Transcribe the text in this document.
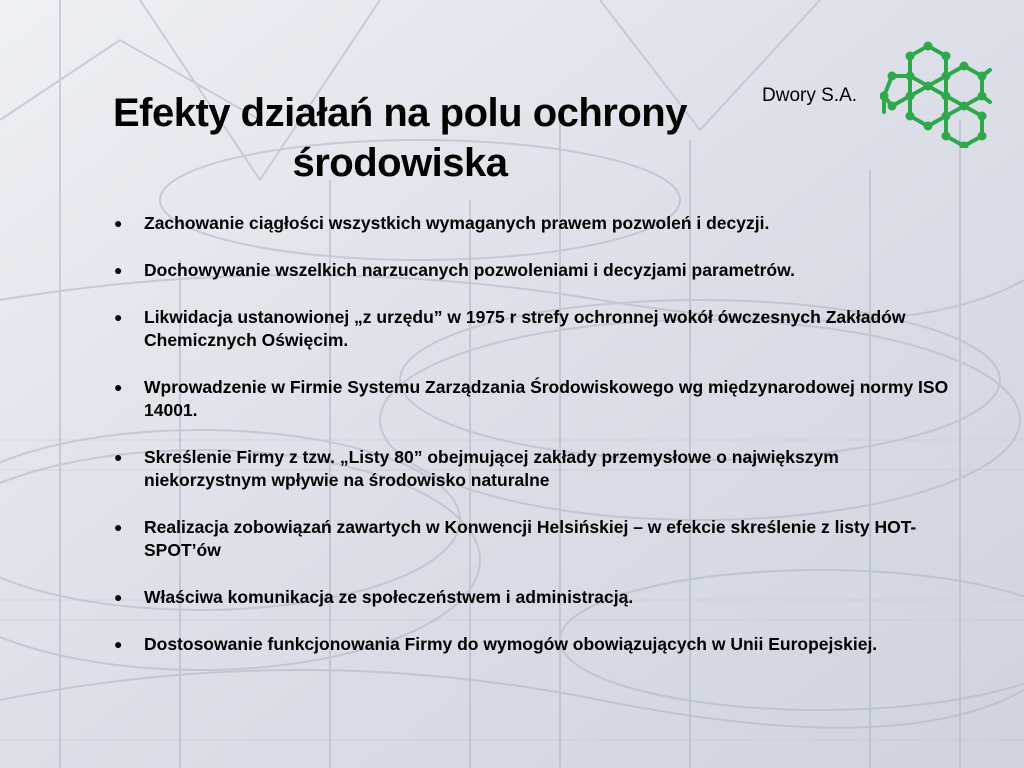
Efekty działań na polu ochrony
środowiska
Dwory S.A.
● Zachowanie ciągłości wszystkich wymaganych prawem pozwoleń i decyzji.
● Dochowywanie wszelkich narzucanych pozwoleniami i decyzjami parametrów.
● Likwidacja ustanowionej „z urzędu” w 1975 r strefy ochronnej wokół ówczesnych Zakładów Chemicznych Oświęcim.
● Wprowadzenie w Firmie Systemu Zarządzania Środowiskowego wg międzynarodowej normy ISO 14001.
● Skreślenie Firmy z tzw. „Listy 80” obejmującej zakłady przemysłowe o największym niekorzystnym wpływie na środowisko naturalne
● Realizacja zobowiązań zawartych w Konwencji Helsińskiej – w efekcie skreślenie z listy HOT-SPOT’ów
● Właściwa komunikacja ze społeczeństwem i administracją.
● Dostosowanie funkcjonowania Firmy do wymogów obowiązujących w Unii Europejskiej.
